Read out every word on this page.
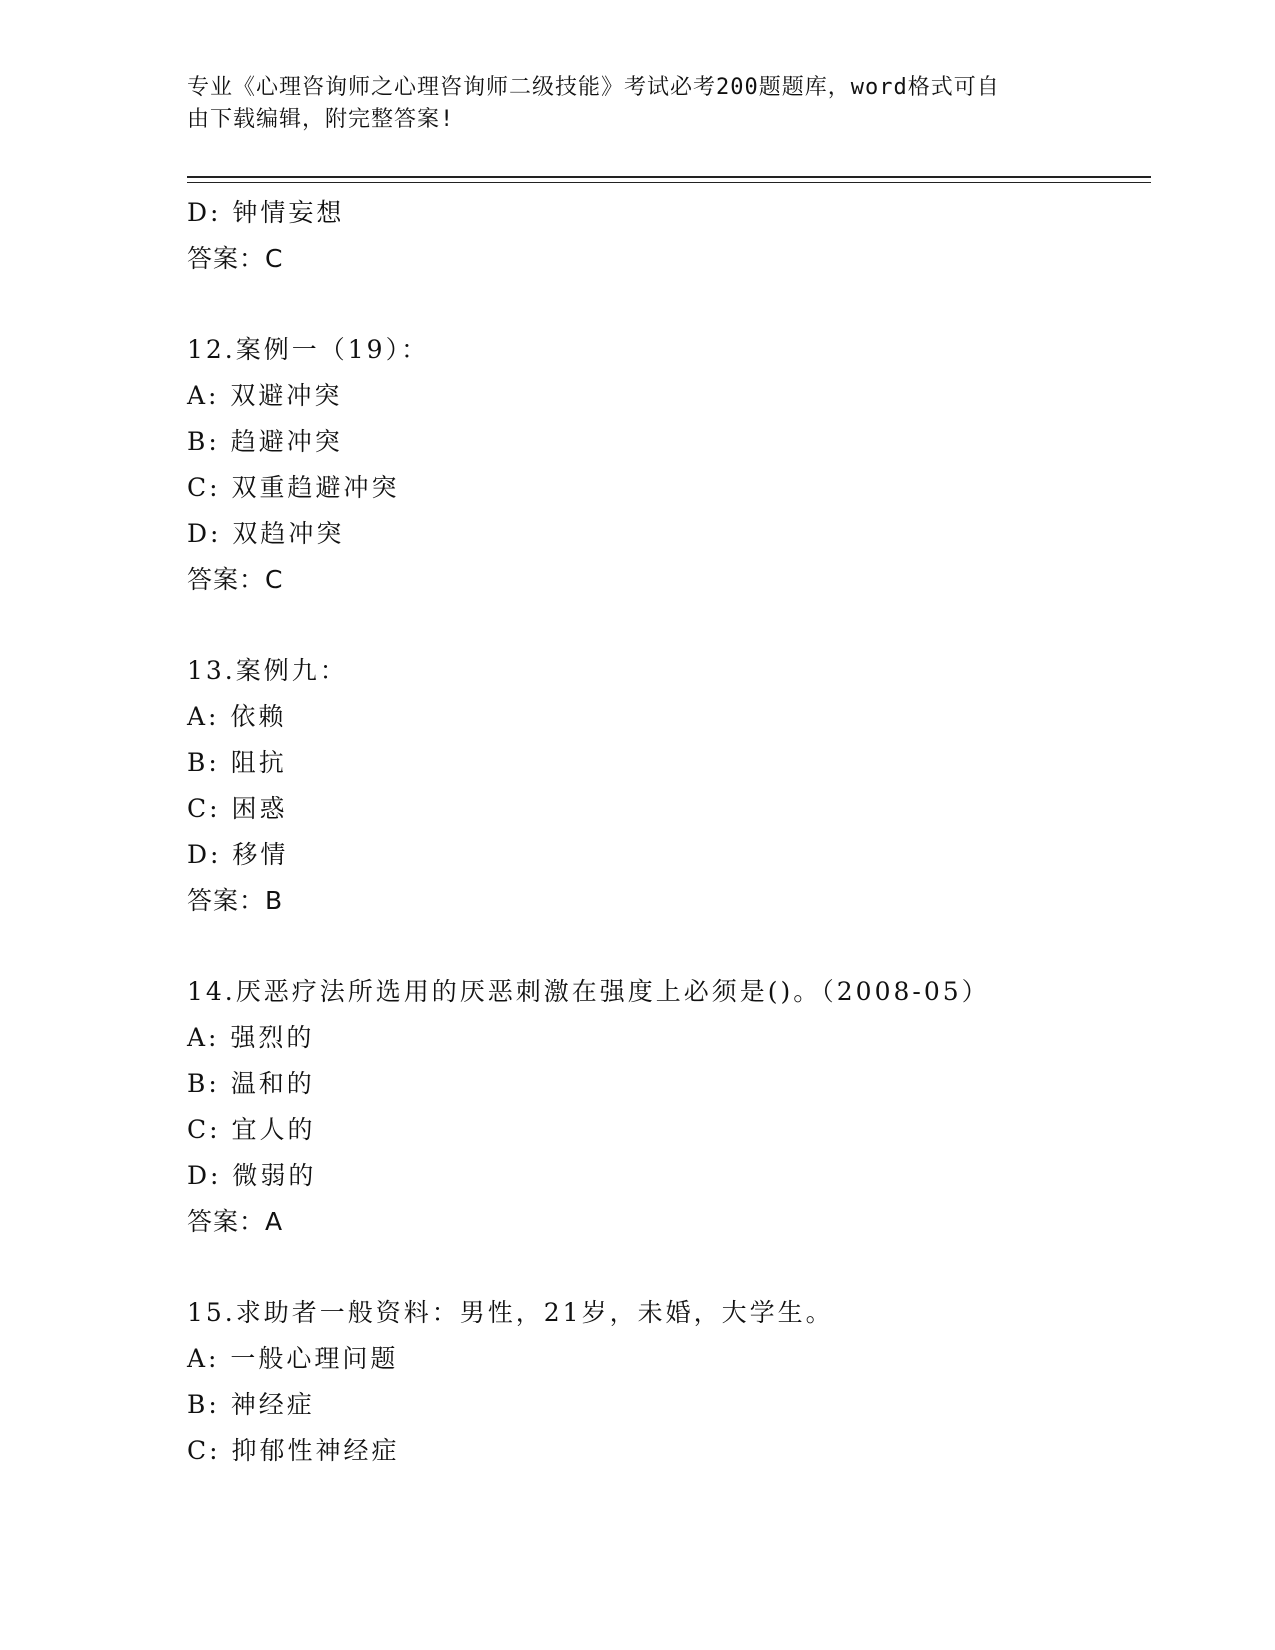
专业《心理咨询师之心理咨询师二级技能》考试必考200题题库，word格式可自
由下载编辑，附完整答案!
D: 钟情妄想
答案：C
12.案例一（19）：
A: 双避冲突
B: 趋避冲突
C: 双重趋避冲突
D: 双趋冲突
答案：C
13.案例九：
A: 依赖
B: 阻抗
C: 困惑
D: 移情
答案：B
14.厌恶疗法所选用的厌恶刺激在强度上必须是()。（2008-05）
A: 强烈的
B: 温和的
C: 宜人的
D: 微弱的
答案：A
15.求助者一般资料：男性，21岁，未婚，大学生。
A: 一般心理问题
B: 神经症
C: 抑郁性神经症
